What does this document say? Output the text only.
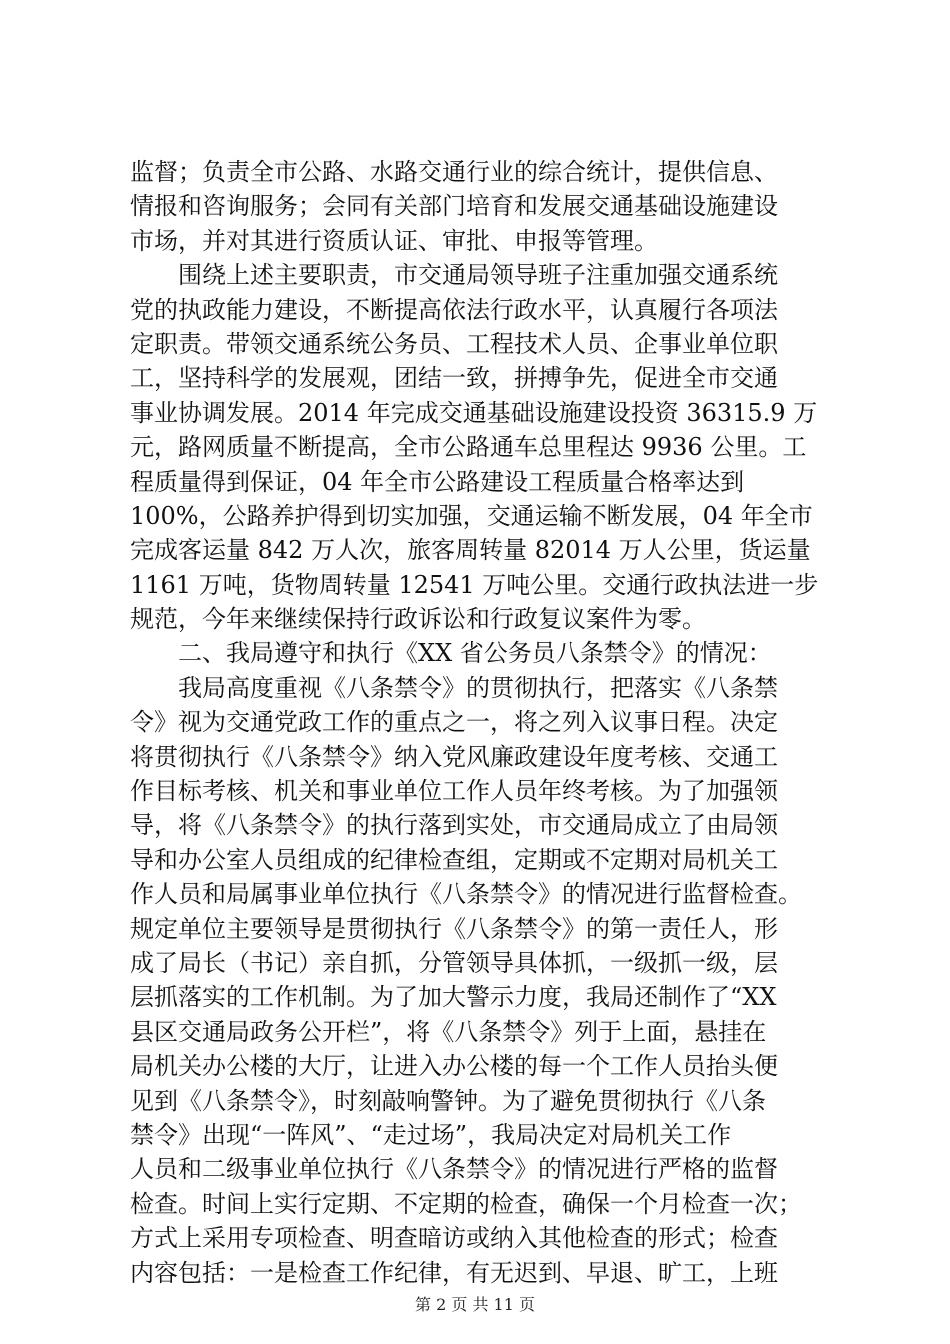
监督；负责全市公路、水路交通行业的综合统计，提供信息、
情报和咨询服务；会同有关部门培育和发展交通基础设施建设
市场，并对其进行资质认证、审批、申报等管理。
　　围绕上述主要职责，市交通局领导班子注重加强交通系统
党的执政能力建设，不断提高依法行政水平，认真履行各项法
定职责。带领交通系统公务员、工程技术人员、企事业单位职
工，坚持科学的发展观，团结一致，拼搏争先，促进全市交通
事业协调发展。2014 年完成交通基础设施建设投资 36315.9 万
元，路网质量不断提高，全市公路通车总里程达 9936 公里。工
程质量得到保证，04 年全市公路建设工程质量合格率达到
100%，公路养护得到切实加强，交通运输不断发展，04 年全市
完成客运量 842 万人次，旅客周转量 82014 万人公里，货运量
1161 万吨，货物周转量 12541 万吨公里。交通行政执法进一步
规范，今年来继续保持行政诉讼和行政复议案件为零。
　　二、我局遵守和执行《XX 省公务员八条禁令》的情况：
　　我局高度重视《八条禁令》的贯彻执行，把落实《八条禁
令》视为交通党政工作的重点之一，将之列入议事日程。决定
将贯彻执行《八条禁令》纳入党风廉政建设年度考核、交通工
作目标考核、机关和事业单位工作人员年终考核。为了加强领
导，将《八条禁令》的执行落到实处，市交通局成立了由局领
导和办公室人员组成的纪律检查组，定期或不定期对局机关工
作人员和局属事业单位执行《八条禁令》的情况进行监督检查。
规定单位主要领导是贯彻执行《八条禁令》的第一责任人，形
成了局长（书记）亲自抓，分管领导具体抓，一级抓一级，层
层抓落实的工作机制。为了加大警示力度，我局还制作了“XX
县区交通局政务公开栏”，将《八条禁令》列于上面，悬挂在
局机关办公楼的大厅，让进入办公楼的每一个工作人员抬头便
见到《八条禁令》，时刻敲响警钟。为了避免贯彻执行《八条
禁令》出现“一阵风”、“走过场”，我局决定对局机关工作
人员和二级事业单位执行《八条禁令》的情况进行严格的监督
检查。时间上实行定期、不定期的检查，确保一个月检查一次；
方式上采用专项检查、明查暗访或纳入其他检查的形式；检查
内容包括：一是检查工作纪律，有无迟到、早退、旷工，上班
第 2 页 共 11 页
